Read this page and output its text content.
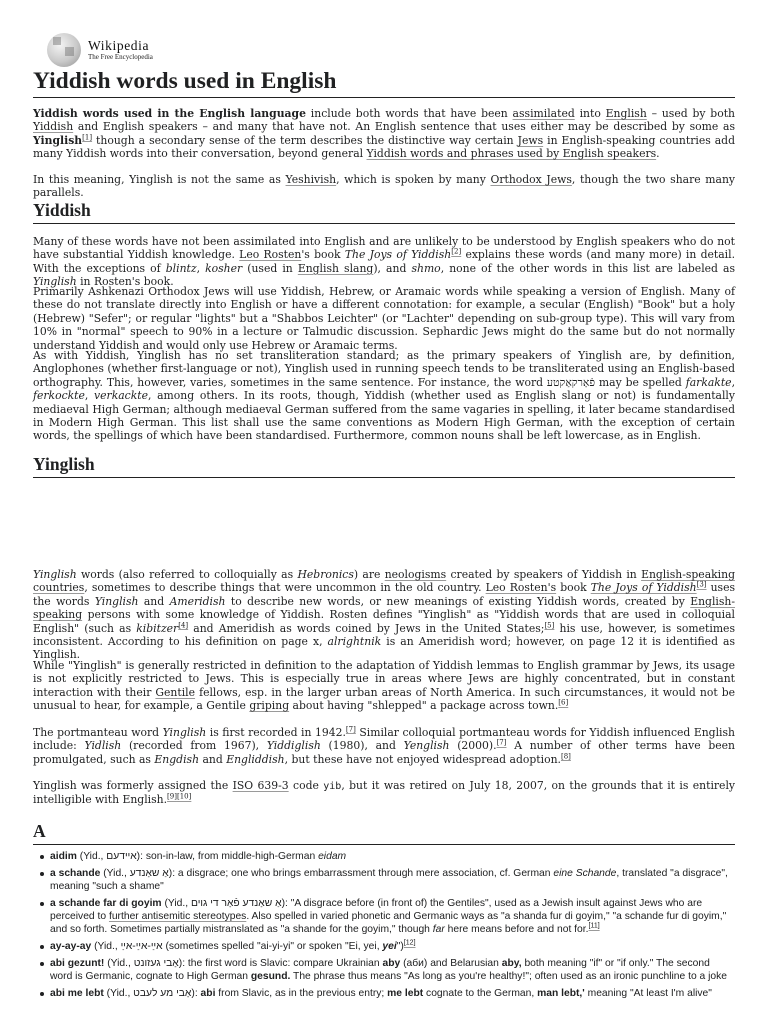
Wikipedia
The Free Encyclopedia
Yiddish words used in English

Yiddish words used in the English language include both words that have been assimilated into English – used by both Yiddish and English speakers – and many that have not. An English sentence that uses either may be described by some as Yinglish[1] though a secondary sense of the term describes the distinctive way certain Jews in English-speaking countries add many Yiddish words into their conversation, beyond general Yiddish words and phrases used by English speakers.

In this meaning, Yinglish is not the same as Yeshivish, which is spoken by many Orthodox Jews, though the two share many parallels.

Yiddish

Many of these words have not been assimilated into English and are unlikely to be understood by English speakers who do not have substantial Yiddish knowledge. Leo Rosten's book The Joys of Yiddish[2] explains these words (and many more) in detail. With the exceptions of blintz, kosher (used in English slang), and shmo, none of the other words in this list are labeled as Yinglish in Rosten's book.

Primarily Ashkenazi Orthodox Jews will use Yiddish, Hebrew, or Aramaic words while speaking a version of English. Many of these do not translate directly into English or have a different connotation: for example, a secular (English) "Book" but a holy (Hebrew) "Sefer"; or regular "lights" but a "Shabbos Leichter" (or "Lachter" depending on sub-group type). This will vary from 10% in "normal" speech to 90% in a lecture or Talmudic discussion. Sephardic Jews might do the same but do not normally understand Yiddish and would only use Hebrew or Aramaic terms.

As with Yiddish, Yinglish has no set transliteration standard; as the primary speakers of Yinglish are, by definition, Anglophones (whether first-language or not), Yinglish used in running speech tends to be transliterated using an English-based orthography. This, however, varies, sometimes in the same sentence. For instance, the word פֿאַרקאַקטע may be spelled farkakte, ferkockte, verkackte, among others. In its roots, though, Yiddish (whether used as English slang or not) is fundamentally mediaeval High German; although mediaeval German suffered from the same vagaries in spelling, it later became standardised in Modern High German. This list shall use the same conventions as Modern High German, with the exception of certain words, the spellings of which have been standardised. Furthermore, common nouns shall be left lowercase, as in English.

Yinglish

Yinglish words (also referred to colloquially as Hebronics) are neologisms created by speakers of Yiddish in English-speaking countries, sometimes to describe things that were uncommon in the old country. Leo Rosten's book The Joys of Yiddish[3] uses the words Yinglish and Ameridish to describe new words, or new meanings of existing Yiddish words, created by English-speaking persons with some knowledge of Yiddish. Rosten defines "Yinglish" as "Yiddish words that are used in colloquial English" (such as kibitzer[4] and Ameridish as words coined by Jews in the United States;[5] his use, however, is sometimes inconsistent. According to his definition on page x, alrightnik is an Ameridish word; however, on page 12 it is identified as Yinglish.

While "Yinglish" is generally restricted in definition to the adaptation of Yiddish lemmas to English grammar by Jews, its usage is not explicitly restricted to Jews. This is especially true in areas where Jews are highly concentrated, but in constant interaction with their Gentile fellows, esp. in the larger urban areas of North America. In such circumstances, it would not be unusual to hear, for example, a Gentile griping about having "shlepped" a package across town.[6]

The portmanteau word Yinglish is first recorded in 1942.[7] Similar colloquial portmanteau words for Yiddish influenced English include: Yidlish (recorded from 1967), Yiddiglish (1980), and Yenglish (2000).[7] A number of other terms have been promulgated, such as Engdish and Engliddish, but these have not enjoyed widespread adoption.[8]

Yinglish was formerly assigned the ISO 639-3 code yib, but it was retired on July 18, 2007, on the grounds that it is entirely intelligible with English.[9][10]

A
aidim (Yid., אײדעם): son-in-law, from middle-high-German eidam
a schande (Yid., אַ שאַנדע): a disgrace; one who brings embarrassment through mere association, cf. German eine Schande, translated "a disgrace", meaning "such a shame"
a schande far di goyim (Yid., אַ שאַנדע פֿאַר די גױם): "A disgrace before (in front of) the Gentiles", used as a Jewish insult against Jews who are perceived to further antisemitic stereotypes. Also spelled in varied phonetic and Germanic ways as "a shanda fur di goyim," "a schande fur di goyim," and so forth. Sometimes partially mistranslated as "a shande for the goyim," though far here means before and not for.[11]
ay-ay-ay (Yid., אײַ-אײַ-אײַ (sometimes spelled "ai-yi-yi" or spoken "Ei, yei, yei")[12]
abi gezunt! (Yid., אַבי געזונט): the first word is Slavic: compare Ukrainian aby (аби) and Belarusian aby, both meaning "if" or "if only." The second word is Germanic, cognate to High German gesund. The phrase thus means "As long as you're healthy!"; often used as an ironic punchline to a joke
abi me lebt (Yid., אַבי מע לעבט): abi from Slavic, as in the previous entry; me lebt cognate to the German, man lebt,' meaning "At least I'm alive"
